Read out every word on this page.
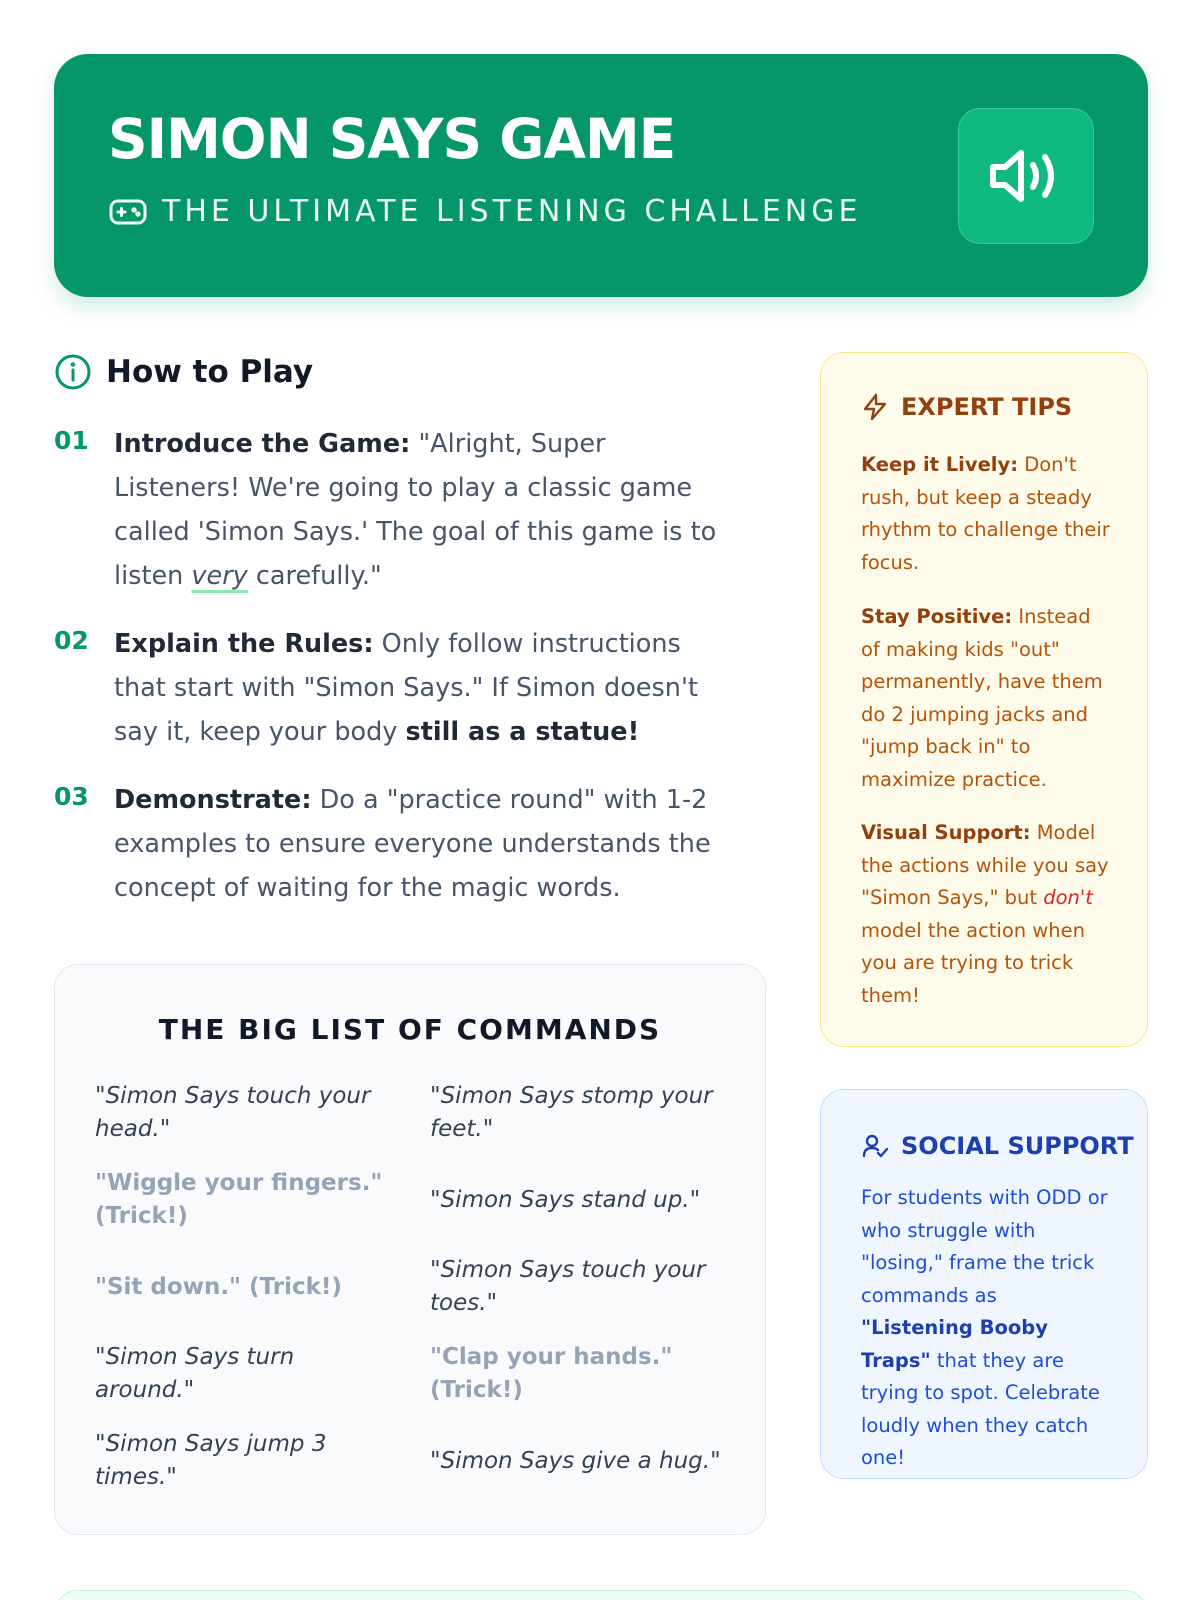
SIMON SAYS GAME
THE ULTIMATE LISTENING CHALLENGE
How to Play
01 Introduce the Game: "Alright, Super Listeners! We're going to play a classic game called 'Simon Says.' The goal of this game is to listen very carefully."
02 Explain the Rules: Only follow instructions that start with "Simon Says." If Simon doesn't say it, keep your body still as a statue!
03 Demonstrate: Do a "practice round" with 1-2 examples to ensure everyone understands the concept of waiting for the magic words.
THE BIG LIST OF COMMANDS
"Simon Says touch your head."
"Simon Says stomp your feet."
"Wiggle your fingers." (Trick!)
"Simon Says stand up."
"Sit down." (Trick!)
"Simon Says touch your toes."
"Simon Says turn around."
"Clap your hands." (Trick!)
"Simon Says jump 3 times."
"Simon Says give a hug."
EXPERT TIPS
Keep it Lively: Don't rush, but keep a steady rhythm to challenge their focus.
Stay Positive: Instead of making kids "out" permanently, have them do 2 jumping jacks and "jump back in" to maximize practice.
Visual Support: Model the actions while you say "Simon Says," but don't model the action when you are trying to trick them!
SOCIAL SUPPORT
For students with ODD or who struggle with "losing," frame the trick commands as "Listening Booby Traps" that they are trying to spot. Celebrate loudly when they catch one!
